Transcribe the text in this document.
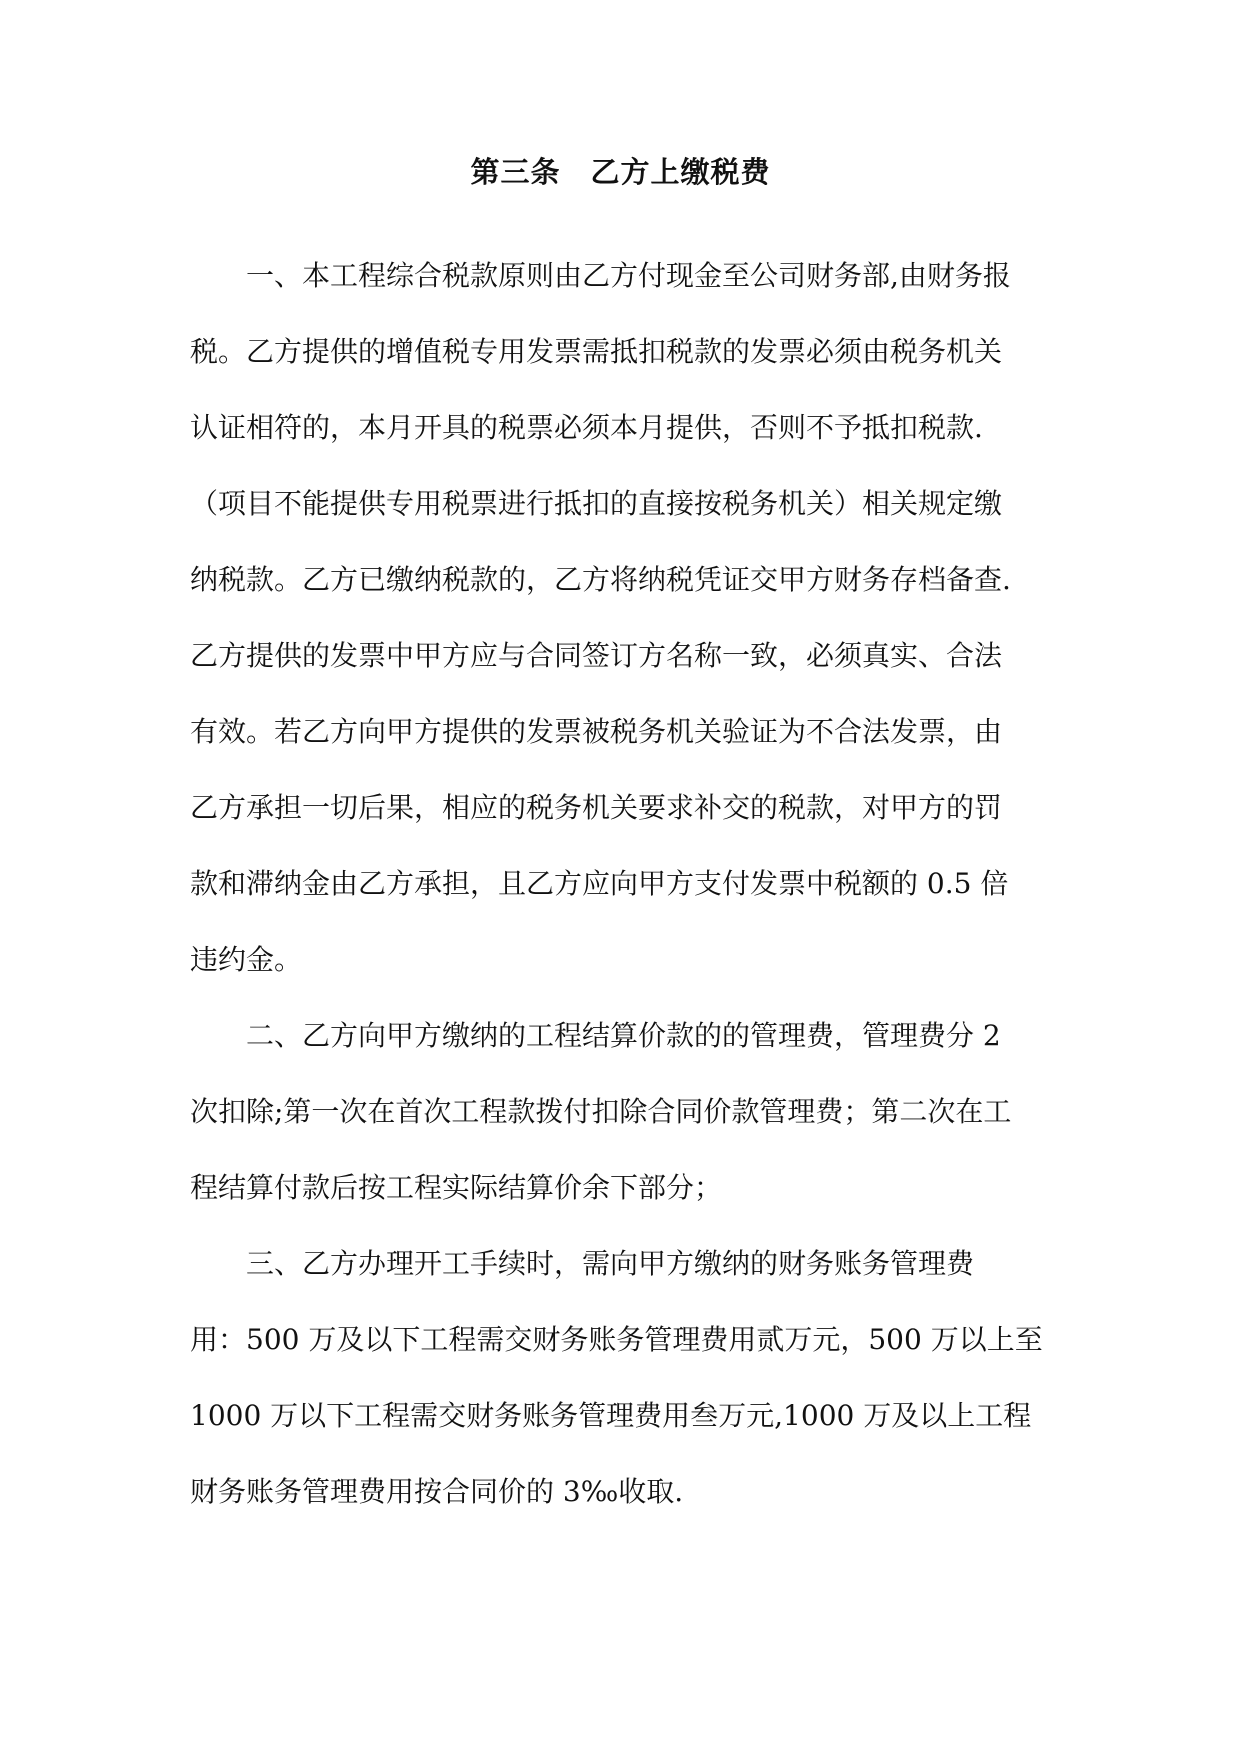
第三条　乙方上缴税费
一、本工程综合税款原则由乙方付现金至公司财务部,由财务报
税。乙方提供的增值税专用发票需抵扣税款的发票必须由税务机关
认证相符的，本月开具的税票必须本月提供，否则不予抵扣税款.
（项目不能提供专用税票进行抵扣的直接按税务机关）相关规定缴
纳税款。乙方已缴纳税款的，乙方将纳税凭证交甲方财务存档备查.
乙方提供的发票中甲方应与合同签订方名称一致，必须真实、合法
有效。若乙方向甲方提供的发票被税务机关验证为不合法发票，由
乙方承担一切后果，相应的税务机关要求补交的税款，对甲方的罚
款和滞纳金由乙方承担，且乙方应向甲方支付发票中税额的 0.5 倍
违约金。
二、乙方向甲方缴纳的工程结算价款的的管理费，管理费分 2
次扣除;第一次在首次工程款拨付扣除合同价款管理费；第二次在工
程结算付款后按工程实际结算价余下部分；
三、乙方办理开工手续时，需向甲方缴纳的财务账务管理费
用：500 万及以下工程需交财务账务管理费用贰万元，500 万以上至
1000 万以下工程需交财务账务管理费用叁万元,1000 万及以上工程
财务账务管理费用按合同价的 3‰收取.
